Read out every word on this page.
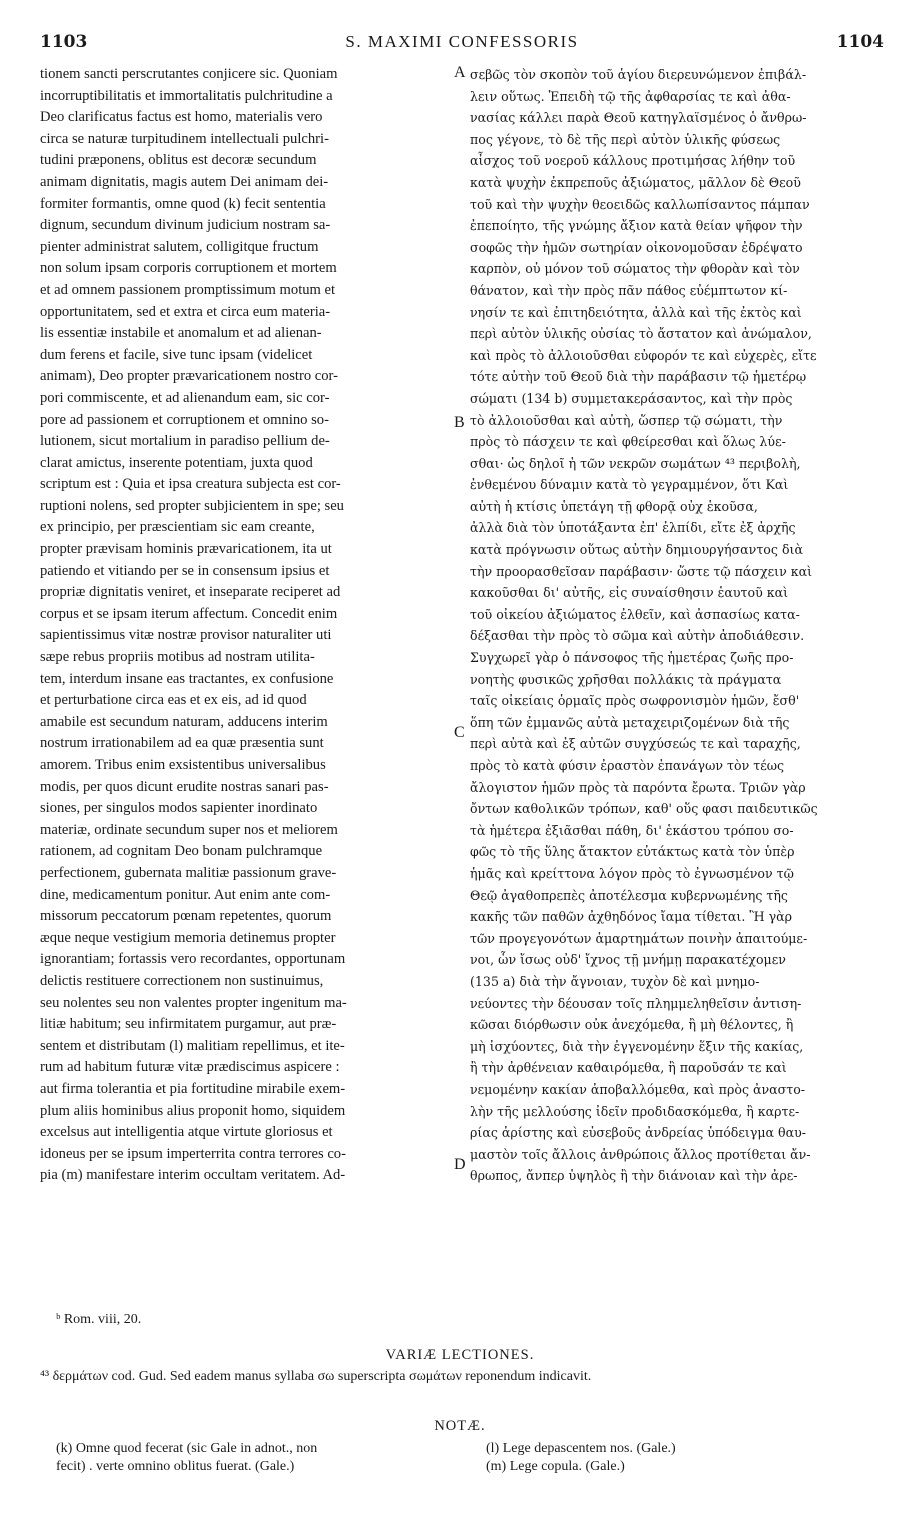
1103	S. MAXIMI CONFESSORIS	1104
tionem sancti perscrutantes conjicere sic. Quoniam
incorruptibilitatis et immortalitatis pulchritudine a
Deo clarificatus factus est homo, materialis vero
circa se naturæ turpitudinem intellectuali pulchri-
tudini præponens, oblitus est decoræ secundum
animam dignitatis, magis autem Dei animam dei-
formiter formantis, omne quod (k) fecit sententia
dignum, secundum divinum judicium nostram sa-
pienter administrat salutem, colligitque fructum
non solum ipsam corporis corruptionem et mortem
et ad omnem passionem promptissimum motum et
opportunitatem, sed et extra et circa eum materia-
lis essentiæ instabile et anomalum et ad alienan-
dum ferens et facile, sive tunc ipsam (videlicet
animam), Deo propter prævaricationem nostro cor-
pori commiscente, et ad alienandum eam, sic cor-
pore ad passionem et corruptionem et omnino so-
lutionem, sicut mortalium in paradiso pellium de-
clarat amictus, inserente potentiam, juxta quod
scriptum est : Quia et ipsa creatura subjecta est cor-
ruptioni nolens, sed propter subjicientem in spe; seu
ex principio, per præscientiam sic eam creante,
propter prævisam hominis prævaricationem, ita ut
patiendo et vitiando per se in consensum ipsius et
propriæ dignitatis veniret, et inseparate reciperet ad
corpus et se ipsam iterum affectum. Concedit enim
sapientissimus vitæ nostræ provisor naturaliter uti
sæpe rebus propriis motibus ad nostram utilita-
tem, interdum insane eas tractantes, ex confusione
et perturbatione circa eas et ex eis, ad id quod
amabile est secundum naturam, adducens interim
nostrum irrationabilem ad ea quæ præsentia sunt
amorem. Tribus enim exsistentibus universalibus
modis, per quos dicunt erudite nostras sanari pas-
siones, per singulos modos sapienter inordinato
materiæ, ordinate secundum super nos et meliorem
rationem, ad cognitam Deo bonam pulchramque
perfectionem, gubernata malitiæ passionum grave-
dine, medicamentum ponitur. Aut enim ante com-
missorum peccatorum pœnam repetentes, quorum
æque neque vestigium memoria detinemus propter
ignorantiam; fortassis vero recordantes, opportunam
delictis restituere correctionem non sustinuimus,
seu nolentes seu non valentes propter ingenitum ma-
litiæ habitum; seu infirmitatem purgamur, aut præ-
sentem et distributam (l) malitiam repellimus, et ite-
rum ad habitum futuræ vitæ prædiscimus aspicere :
aut firma tolerantia et pia fortitudine mirabile exem-
plum aliis hominibus alius proponit homo, siquidem
excelsus aut intelligentia atque virtute gloriosus et
idoneus per se ipsum imperterrita contra terrores co-
pia (m) manifestare interim occultam veritatem. Ad-
A
B
C
D
σεβῶς τὸν σκοπὸν τοῦ ἁγίου διερευνώμενον ἐπιβάλ-
λειν οὕτως. Ἐπειδὴ τῷ τῆς ἀφθαρσίας τε καὶ ἀθα-
νασίας κάλλει παρὰ Θεοῦ κατηγλαϊσμένος ὁ ἄνθρω-
πος γέγονε, τὸ δὲ τῆς περὶ αὐτὸν ὑλικῆς φύσεως
αἶσχος τοῦ νοεροῦ κάλλους προτιμήσας λήθην τοῦ
κατὰ ψυχὴν ἐκπρεποῦς ἀξιώματος, μᾶλλον δὲ Θεοῦ
τοῦ καὶ τὴν ψυχὴν θεοειδῶς καλλωπίσαντος πάμπαν
ἐπεποίητο, τῆς γνώμης ἄξιον κατὰ θείαν ψῆφον τὴν
σοφῶς τὴν ἡμῶν σωτηρίαν οἰκονομοῦσαν ἐδρέψατο
καρπὸν, οὐ μόνον τοῦ σώματος τὴν φθορὰν καὶ τὸν
θάνατον, καὶ τὴν πρὸς πᾶν πάθος εὐέμπτωτον κί-
νησίν τε καὶ ἐπιτηδειότητα, ἀλλὰ καὶ τῆς ἐκτὸς καὶ
περὶ αὐτὸν ὑλικῆς οὐσίας τὸ ἄστατον καὶ ἀνώμαλον,
καὶ πρὸς τὸ ἀλλοιοῦσθαι εὐφορόν τε καὶ εὐχερὲς, εἴτε
τότε αὐτὴν τοῦ Θεοῦ διὰ τὴν παράβασιν τῷ ἡμετέρῳ
σώματι (134 b) συμμετακεράσαντος, καὶ τὴν πρὸς
τὸ ἀλλοιοῦσθαι καὶ αὐτὴ, ὥσπερ τῷ σώματι, τὴν
πρὸς τὸ πάσχειν τε καὶ φθείρεσθαι καὶ ὅλως λύε-
σθαι· ὡς δηλοῖ ἡ τῶν νεκρῶν σωμάτων ⁴³ περιβολὴ,
ἐνθεμένου δύναμιν κατὰ τὸ γεγραμμένον, ὅτι Καὶ
αὐτὴ ἡ κτίσις ὑπετάγη τῇ φθορᾷ οὐχ ἑκοῦσα,
ἀλλὰ διὰ τὸν ὑποτάξαντα ἐπ' ἐλπίδι, εἴτε ἐξ ἀρχῆς
κατὰ πρόγνωσιν οὕτως αὐτὴν δημιουργήσαντος διὰ
τὴν προορασθεῖσαν παράβασιν· ὥστε τῷ πάσχειν καὶ
κακοῦσθαι δι' αὐτῆς, εἰς συναίσθησιν ἑαυτοῦ καὶ
τοῦ οἰκείου ἀξιώματος ἐλθεῖν, καὶ ἀσπασίως κατα-
δέξασθαι τὴν πρὸς τὸ σῶμα καὶ αὐτὴν ἀποδιάθεσιν.
Συγχωρεῖ γὰρ ὁ πάνσοφος τῆς ἡμετέρας ζωῆς προ-
νοητὴς φυσικῶς χρῆσθαι πολλάκις τὰ πράγματα
ταῖς οἰκείαις ὁρμαῖς πρὸς σωφρονισμὸν ἡμῶν, ἔσθ'
ὅπη τῶν ἐμμανῶς αὐτὰ μεταχειριζομένων διὰ τῆς
περὶ αὐτὰ καὶ ἐξ αὐτῶν συγχύσεώς τε καὶ ταραχῆς,
πρὸς τὸ κατὰ φύσιν ἐραστὸν ἐπανάγων τὸν τέως
ἄλογιστον ἡμῶν πρὸς τὰ παρόντα ἔρωτα. Τριῶν γὰρ
ὄντων καθολικῶν τρόπων, καθ' οὕς φασι παιδευτικῶς
τὰ ἡμέτερα ἐξιᾶσθαι πάθη, δι' ἑκάστου τρόπου σο-
φῶς τὸ τῆς ὕλης ἄτακτον εὐτάκτως κατὰ τὸν ὑπὲρ
ἡμᾶς καὶ κρείττονα λόγον πρὸς τὸ ἐγνωσμένον τῷ
Θεῷ ἀγαθοπρεπὲς ἀποτέλεσμα κυβερνωμένης τῆς
κακῆς τῶν παθῶν ἀχθηδόνος ἴαμα τίθεται. Ἢ γὰρ
τῶν προγεγονότων ἁμαρτημάτων ποινὴν ἀπαιτούμε-
νοι, ὧν ἴσως οὐδ' ἴχνος τῇ μνήμῃ παρακατέχομεν
(135 a) διὰ τὴν ἄγνοιαν, τυχὸν δὲ καὶ μνημο-
νεύοντες τὴν δέουσαν τοῖς πλημμεληθεῖσιν ἀντιση-
κῶσαι διόρθωσιν οὐκ ἀνεχόμεθα, ἢ μὴ θέλοντες, ἢ
μὴ ἰσχύοντες, διὰ τὴν ἐγγενομένην ἕξιν τῆς κακίας,
ἢ τὴν ἀρθένειαν καθαιρόμεθα, ἢ παροῦσάν τε καὶ
νεμομένην κακίαν ἀποβαλλόμεθα, καὶ πρὸς ἀναστο-
λὴν τῆς μελλούσης ἰδεῖν προδιδασκόμεθα, ἢ καρτε-
ρίας ἀρίστης καὶ εὐσεβοῦς ἀνδρείας ὑπόδειγμα θαυ-
μαστὸν τοῖς ἄλλοις ἀνθρώποις ἄλλος προτίθεται ἄν-
θρωπος, ἄνπερ ὑψηλὸς ἢ τὴν διάνοιαν καὶ τὴν ἀρε-
ᵇ Rom. viii, 20.
VARIÆ LECTIONES.
⁴³ δερμάτων cod. Gud. Sed eadem manus syllaba σω superscripta σωμάτων reponendum indicavit.
NOTÆ.
(k) Omne quod fecerat (sic Gale in adnot., non
fecit) . verte omnino oblitus fuerat. (Gale.)
(l) Lege depascentem nos. (Gale.)
(m) Lege copula. (Gale.)
